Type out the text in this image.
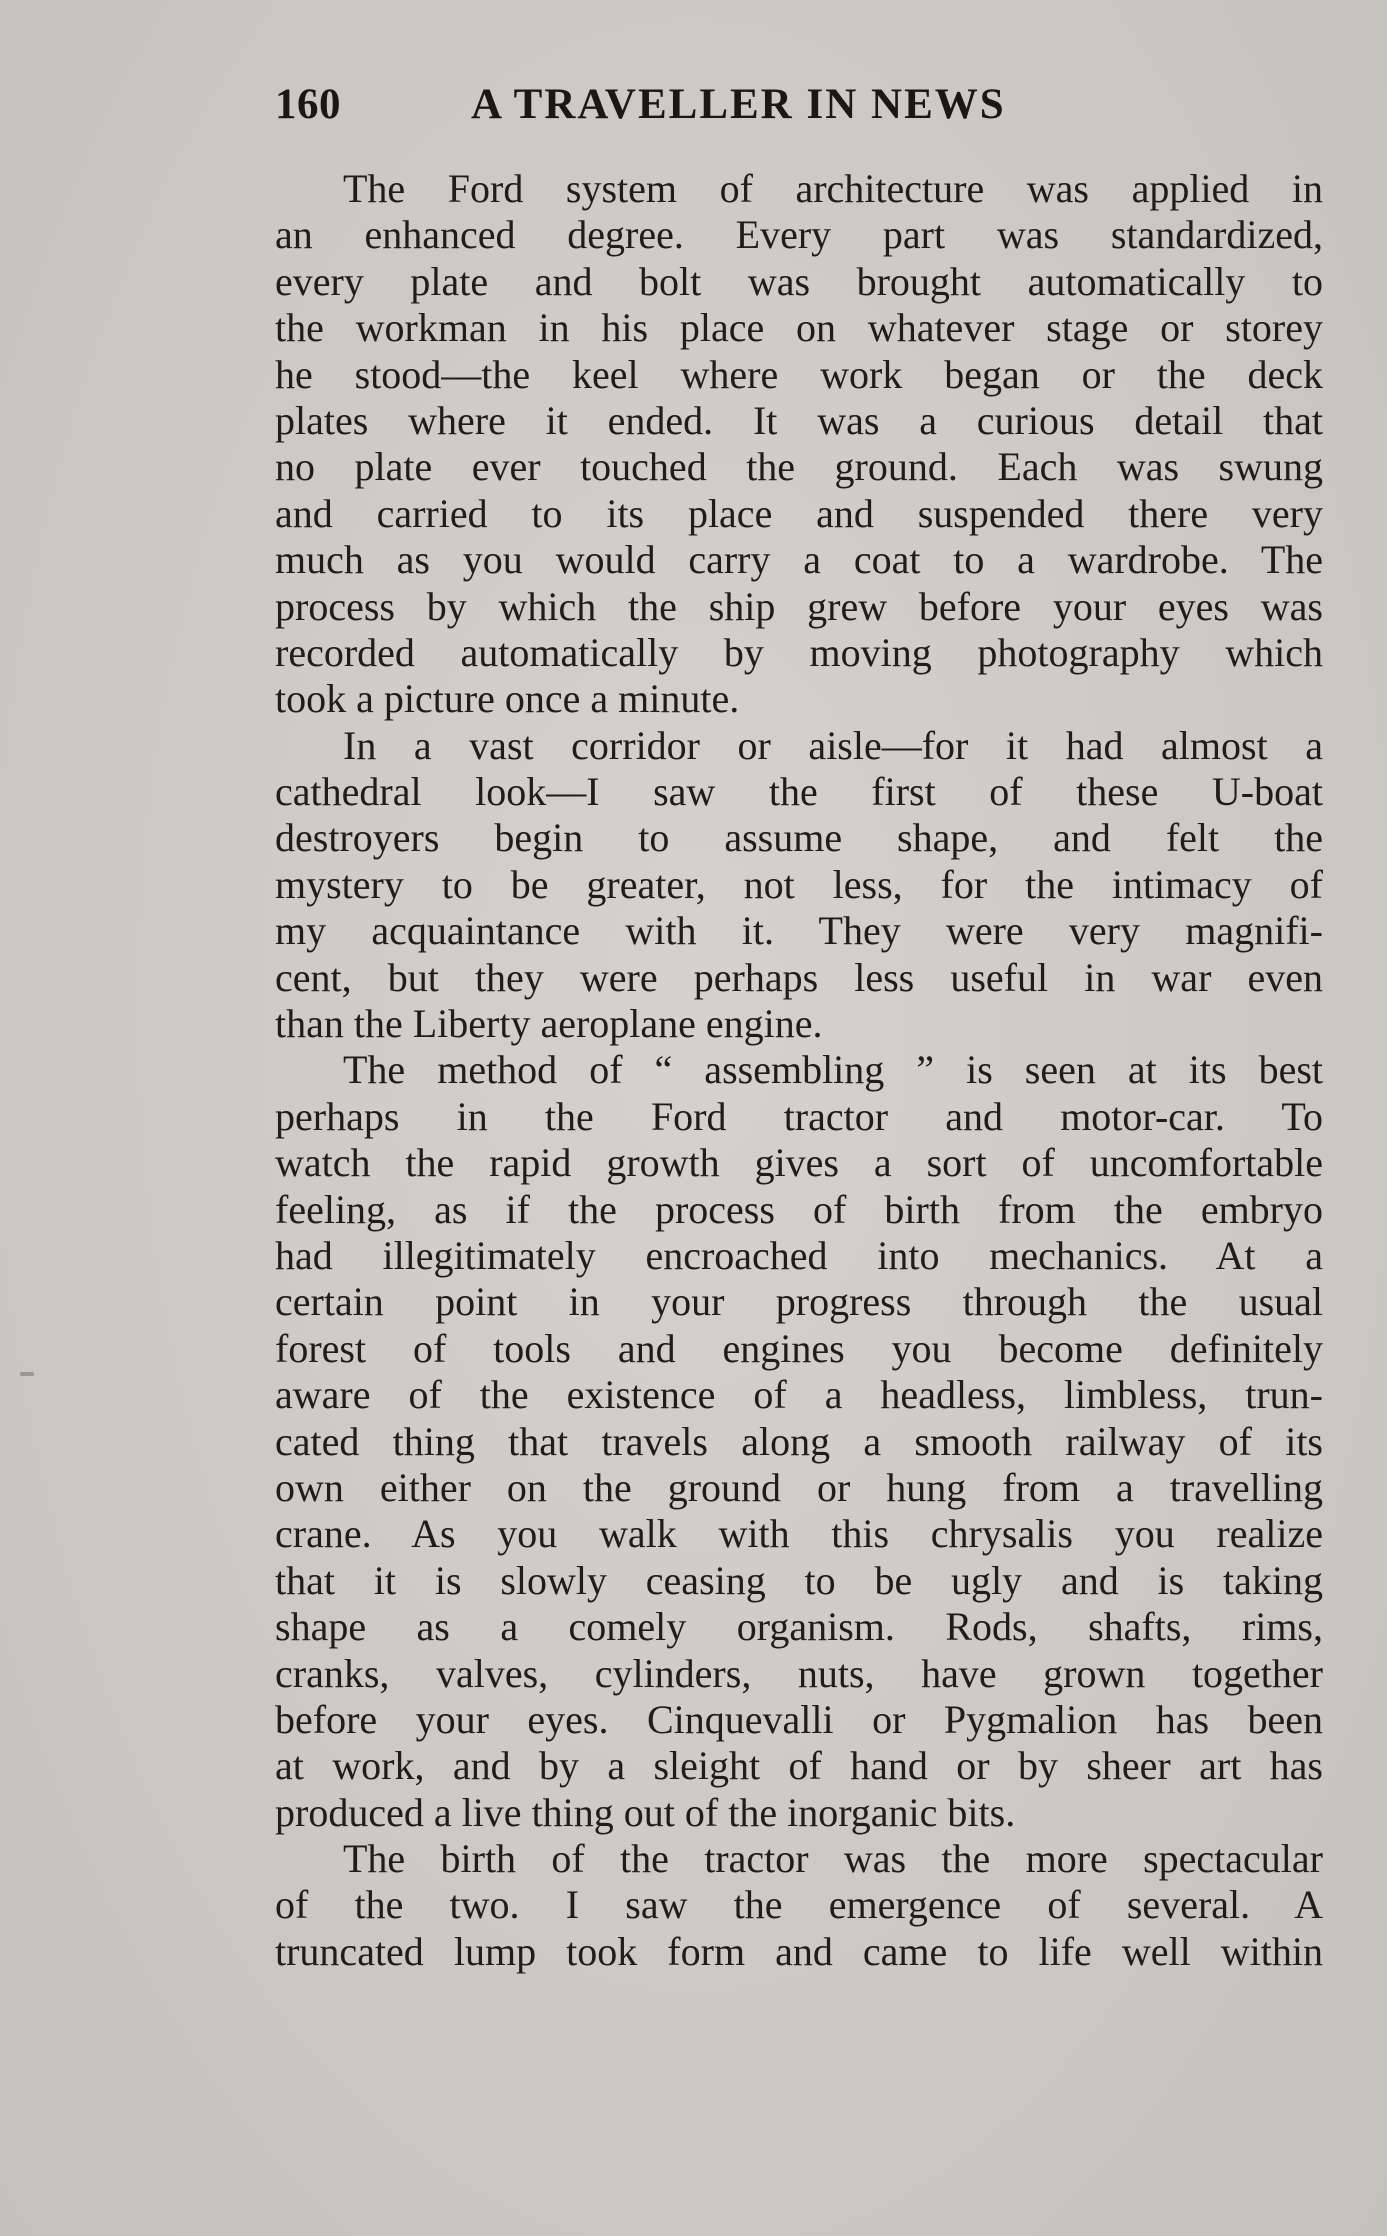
160	A TRAVELLER IN NEWS
The Ford system of architecture was applied in
an enhanced degree. Every part was standardized,
every plate and bolt was brought automatically to
the workman in his place on whatever stage or storey
he stood—the keel where work began or the deck
plates where it ended. It was a curious detail that
no plate ever touched the ground. Each was swung
and carried to its place and suspended there very
much as you would carry a coat to a wardrobe. The
process by which the ship grew before your eyes was
recorded automatically by moving photography which
took a picture once a minute.
In a vast corridor or aisle—for it had almost a
cathedral look—I saw the first of these U-boat
destroyers begin to assume shape, and felt the
mystery to be greater, not less, for the intimacy of
my acquaintance with it. They were very magnifi-
cent, but they were perhaps less useful in war even
than the Liberty aeroplane engine.
The method of “ assembling ” is seen at its best
perhaps in the Ford tractor and motor-car. To
watch the rapid growth gives a sort of uncomfortable
feeling, as if the process of birth from the embryo
had illegitimately encroached into mechanics. At a
certain point in your progress through the usual
forest of tools and engines you become definitely
aware of the existence of a headless, limbless, trun-
cated thing that travels along a smooth railway of its
own either on the ground or hung from a travelling
crane. As you walk with this chrysalis you realize
that it is slowly ceasing to be ugly and is taking
shape as a comely organism. Rods, shafts, rims,
cranks, valves, cylinders, nuts, have grown together
before your eyes. Cinquevalli or Pygmalion has been
at work, and by a sleight of hand or by sheer art has
produced a live thing out of the inorganic bits.
The birth of the tractor was the more spectacular
of the two. I saw the emergence of several. A
truncated lump took form and came to life well within
